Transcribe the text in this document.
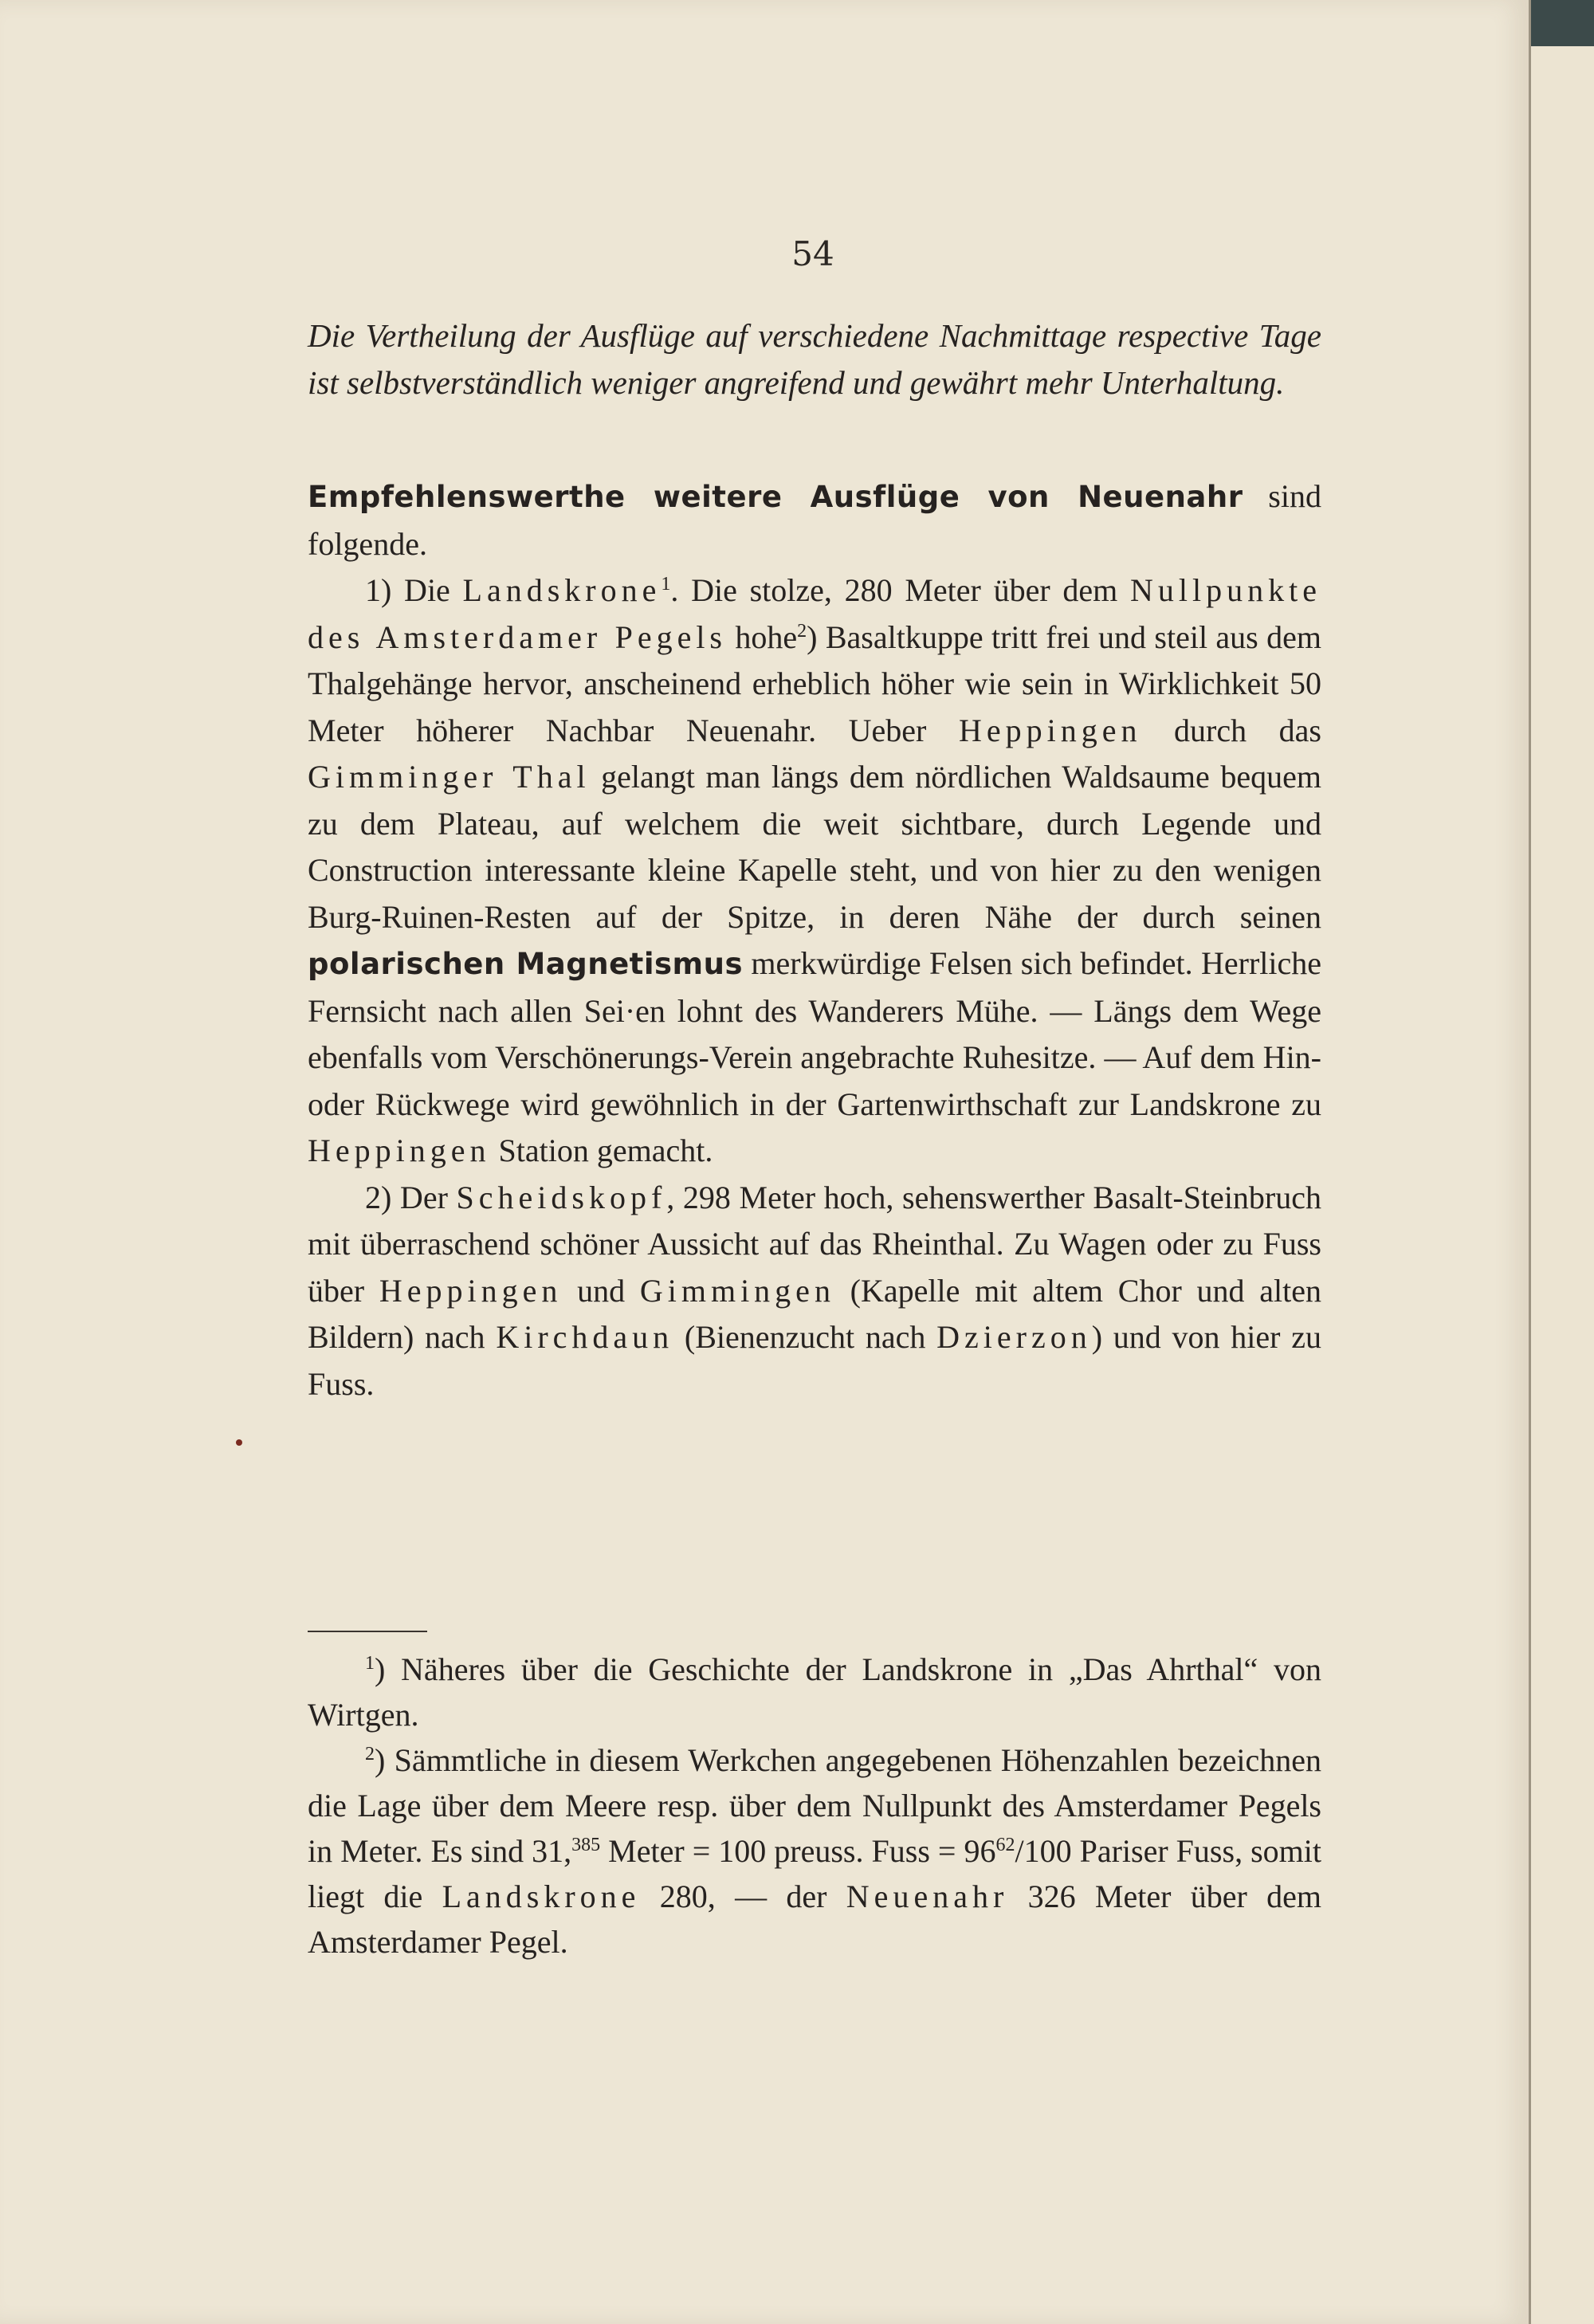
54

Die Vertheilung der Ausflüge auf verschiedene Nachmittage respective Tage ist selbstverständlich weniger angreifend und gewährt mehr Unterhaltung.

Empfehlenswerthe weitere Ausflüge von Neuenahr sind folgende.

1) Die Landskrone$^1$. Die stolze, 280 Meter über dem Nullpunkte des Amsterdamer Pegels hohe$^2$) Basaltkuppe tritt frei und steil aus dem Thalgehänge hervor, anscheinend erheblich höher wie sein in Wirklichkeit 50 Meter höherer Nachbar Neuenahr. Ueber Heppingen durch das Gimminger Thal gelangt man längs dem nördlichen Waldsaume bequem zu dem Plateau, auf welchem die weit sichtbare, durch Legende und Construction interessante kleine Kapelle steht, und von hier zu den wenigen Burg-Ruinen-Resten auf der Spitze, in deren Nähe der durch seinen polarischen Magnetismus merkwürdige Felsen sich befindet. Herrliche Fernsicht nach allen Sei·en lohnt des Wanderers Mühe. — Längs dem Wege ebenfalls vom Verschönerungs-Verein angebrachte Ruhesitze. — Auf dem Hin- oder Rückwege wird gewöhnlich in der Gartenwirthschaft zur Landskrone zu Heppingen Station gemacht.

2) Der Scheidskopf, 298 Meter hoch, sehenswerther Basalt-Steinbruch mit überraschend schöner Aussicht auf das Rheinthal. Zu Wagen oder zu Fuss über Heppingen und Gimmingen (Kapelle mit altem Chor und alten Bildern) nach Kirchdaun (Bienenzucht nach Dzierzon) und von hier zu Fuss.

$^1$) Näheres über die Geschichte der Landskrone in „Das Ahrthal“ von Wirtgen.

$^2$) Sämmtliche in diesem Werkchen angegebenen Höhenzahlen bezeichnen die Lage über dem Meere resp. über dem Nullpunkt des Amsterdamer Pegels in Meter. Es sind 31,$^{385}$ Meter = 100 preuss. Fuss = 96$^{62}$/100 Pariser Fuss, somit liegt die Landskrone 280, — der Neuenahr 326 Meter über dem Amsterdamer Pegel.
